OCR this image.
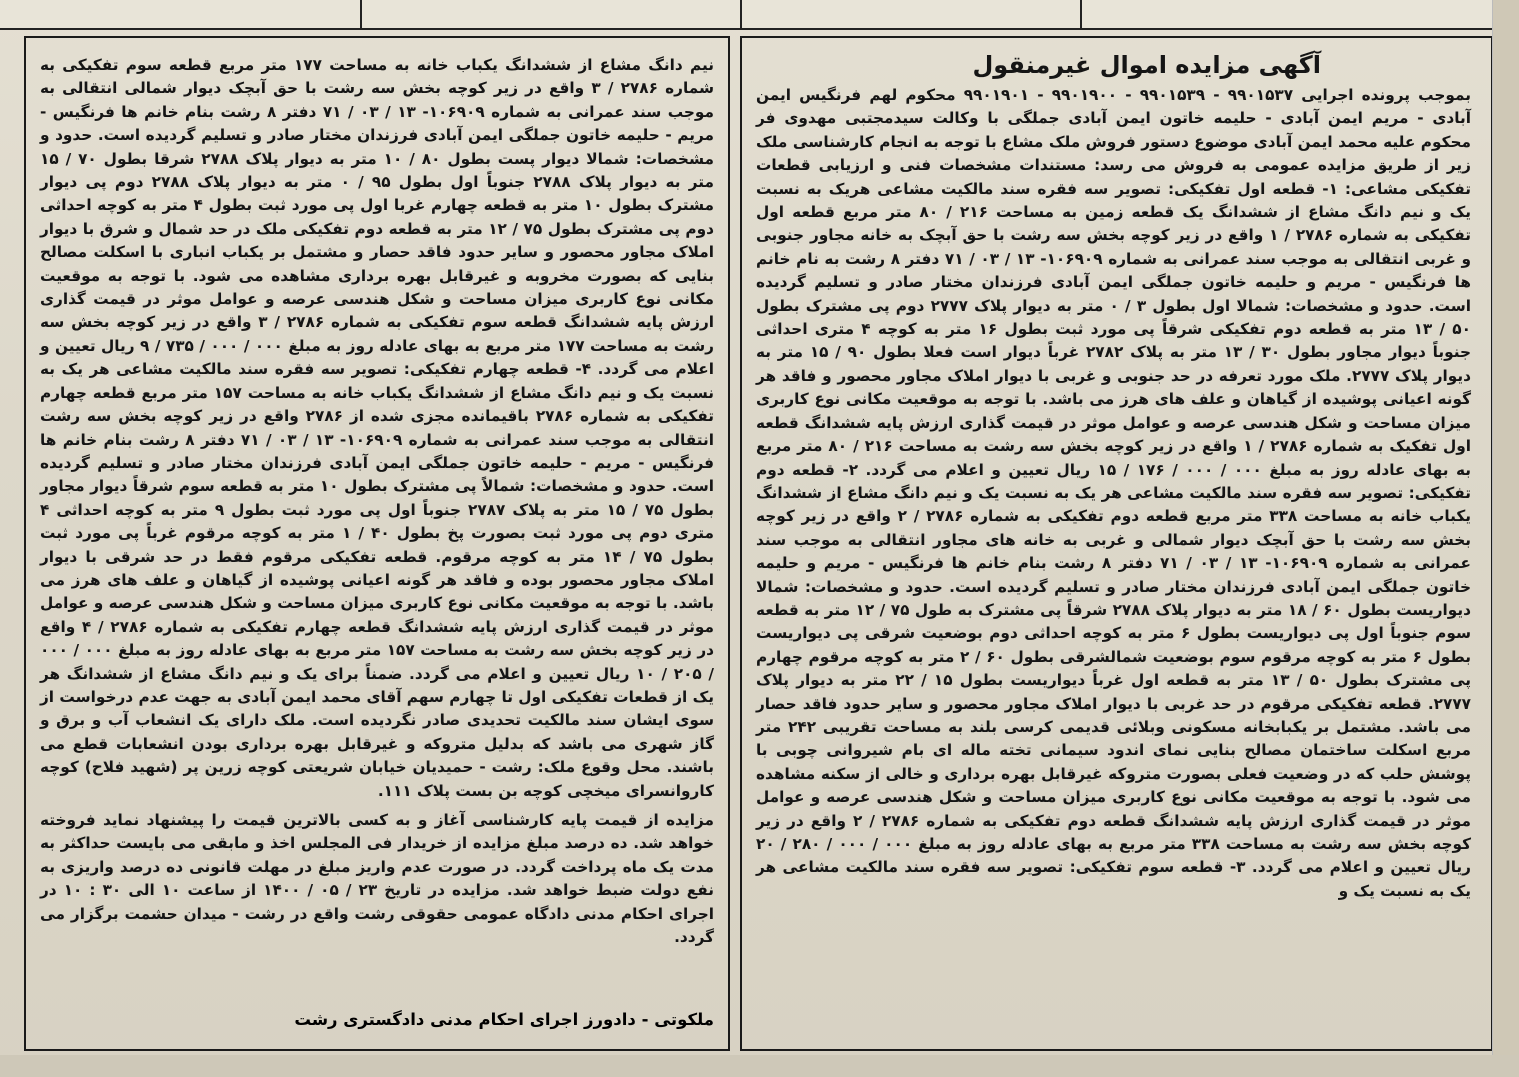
آگهی مزایده اموال غیرمنقول

بموجب پرونده اجرایی ۹۹۰۱۵۳۷ - ۹۹۰۱۵۳۹ - ۹۹۰۱۹۰۰ - ۹۹۰۱۹۰۱ محکوم لهم فرنگیس ایمن آبادی - مریم ایمن آبادی - حلیمه خاتون ایمن آبادی جملگی با وکالت سیدمجتبی مهدوی فر محکوم علیه محمد ایمن آبادی موضوع دستور فروش ملک مشاع با توجه به انجام کارشناسی ملک زیر از طریق مزایده عمومی به فروش می رسد: مستندات مشخصات فنی و ارزیابی قطعات تفکیکی مشاعی: ۱- قطعه اول تفکیکی: تصویر سه فقره سند مالکیت مشاعی هریک به نسبت یک و نیم دانگ مشاع از ششدانگ یک قطعه زمین به مساحت ۲۱۶ / ۸۰ متر مربع قطعه اول تفکیکی به شماره ۲۷۸۶ / ۱ واقع در زیر کوچه بخش سه رشت با حق آبچک به خانه مجاور جنوبی و غربی انتقالی به موجب سند عمرانی به شماره ۱۰۶۹۰۹- ۱۳ / ۰۳ / ۷۱ دفتر ۸ رشت به نام خانم ها فرنگیس - مریم و حلیمه خاتون جملگی ایمن آبادی فرزندان مختار صادر و تسلیم گردیده است. حدود و مشخصات: شمالا اول بطول ۳ / ۰ متر به دیوار پلاک ۲۷۷۷ دوم پی مشترک بطول ۵۰ / ۱۳ متر به قطعه دوم تفکیکی شرقاً پی مورد ثبت بطول ۱۶ متر به کوچه ۴ متری احداثی جنوباً دیوار مجاور بطول ۳۰ / ۱۳ متر به پلاک ۲۷۸۲ غرباً دیوار است فعلا بطول ۹۰ / ۱۵ متر به دیوار پلاک ۲۷۷۷. ملک مورد تعرفه در حد جنوبی و غربی با دیوار املاک مجاور محصور و فاقد هر گونه اعیانی پوشیده از گیاهان و علف های هرز می باشد. با توجه به موقعیت مکانی نوع کاربری میزان مساحت و شکل هندسی عرصه و عوامل موثر در قیمت گذاری ارزش پایه ششدانگ قطعه اول تفکیک به شماره ۲۷۸۶ / ۱ واقع در زیر کوچه بخش سه رشت به مساحت ۲۱۶ / ۸۰ متر مربع به بهای عادله روز به مبلغ ۰۰۰ / ۰۰۰ / ۱۷۶ / ۱۵ ریال تعیین و اعلام می گردد. ۲- قطعه دوم تفکیکی: تصویر سه فقره سند مالکیت مشاعی هر یک به نسبت یک و نیم دانگ مشاع از ششدانگ یکباب خانه به مساحت ۳۳۸ متر مربع قطعه دوم تفکیکی به شماره ۲۷۸۶ / ۲ واقع در زیر کوچه بخش سه رشت با حق آبچک دیوار شمالی و غربی به خانه های مجاور انتقالی به موجب سند عمرانی به شماره ۱۰۶۹۰۹- ۱۳ / ۰۳ / ۷۱ دفتر ۸ رشت بنام خانم ها فرنگیس - مریم و حلیمه خاتون جملگی ایمن آبادی فرزندان مختار صادر و تسلیم گردیده است. حدود و مشخصات: شمالا دیواریست بطول ۶۰ / ۱۸ متر به دیوار پلاک ۲۷۸۸ شرقاً پی مشترک به طول ۷۵ / ۱۲ متر به قطعه سوم جنوباً اول پی دیواریست بطول ۶ متر به کوچه احداثی دوم بوضعیت شرقی پی دیواریست بطول ۶ متر به کوچه مرقوم سوم بوضعیت شمالشرقی بطول ۶۰ / ۲ متر به کوچه مرقوم چهارم پی مشترک بطول ۵۰ / ۱۳ متر به قطعه اول غرباً دیواریست بطول ۱۵ / ۲۲ متر به دیوار پلاک ۲۷۷۷. قطعه تفکیکی مرقوم در حد غربی با دیوار املاک مجاور محصور و سایر حدود فاقد حصار می باشد. مشتمل بر یکبابخانه مسکونی وبلائی قدیمی کرسی بلند به مساحت تقریبی ۲۴۲ متر مربع اسکلت ساختمان مصالح بنایی نمای اندود سیمانی تخته ماله ای بام شیروانی چوبی با پوشش حلب که در وضعیت فعلی بصورت متروکه غیرقابل بهره برداری و خالی از سکنه مشاهده می شود. با توجه به موقعیت مکانی نوع کاربری میزان مساحت و شکل هندسی عرصه و عوامل موثر در قیمت گذاری ارزش پایه ششدانگ قطعه دوم تفکیکی به شماره ۲۷۸۶ / ۲ واقع در زیر کوچه بخش سه رشت به مساحت ۳۳۸ متر مربع به بهای عادله روز به مبلغ ۰۰۰ / ۰۰۰ / ۲۸۰ / ۲۰ ریال تعیین و اعلام می گردد. ۳- قطعه سوم تفکیکی: تصویر سه فقره سند مالکیت مشاعی هر یک به نسبت یک و

نیم دانگ مشاع از ششدانگ یکباب خانه به مساحت ۱۷۷ متر مربع قطعه سوم تفکیکی به شماره ۲۷۸۶ / ۳ واقع در زیر کوچه بخش سه رشت با حق آبچک دیوار شمالی انتقالی به موجب سند عمرانی به شماره ۱۰۶۹۰۹- ۱۳ / ۰۳ / ۷۱ دفتر ۸ رشت بنام خانم ها فرنگیس - مریم - حلیمه خاتون جملگی ایمن آبادی فرزندان مختار صادر و تسلیم گردیده است. حدود و مشخصات: شمالا دیوار پست بطول ۸۰ / ۱۰ متر به دیوار پلاک ۲۷۸۸ شرقا بطول ۷۰ / ۱۵ متر به دیوار پلاک ۲۷۸۸ جنوباً اول بطول ۹۵ / ۰ متر به دیوار پلاک ۲۷۸۸ دوم پی دیوار مشترک بطول ۱۰ متر به قطعه چهارم غربا اول پی مورد ثبت بطول ۴ متر به کوچه احداثی دوم پی مشترک بطول ۷۵ / ۱۲ متر به قطعه دوم تفکیکی ملک در حد شمال و شرق با دیوار املاک مجاور محصور و سایر حدود فاقد حصار و مشتمل بر یکباب انباری با اسکلت مصالح بنایی که بصورت مخروبه و غیرقابل بهره برداری مشاهده می شود. با توجه به موقعیت مکانی نوع کاربری میزان مساحت و شکل هندسی عرصه و عوامل موثر در قیمت گذاری ارزش پایه ششدانگ قطعه سوم تفکیکی به شماره ۲۷۸۶ / ۳ واقع در زیر کوچه بخش سه رشت به مساحت ۱۷۷ متر مربع به بهای عادله روز به مبلغ ۰۰۰ / ۰۰۰ / ۷۳۵ / ۹ ریال تعیین و اعلام می گردد. ۴- قطعه چهارم تفکیکی: تصویر سه فقره سند مالکیت مشاعی هر یک به نسبت یک و نیم دانگ مشاع از ششدانگ یکباب خانه به مساحت ۱۵۷ متر مربع قطعه چهارم تفکیکی به شماره ۲۷۸۶ باقیمانده مجزی شده از ۲۷۸۶ واقع در زیر کوچه بخش سه رشت انتقالی به موجب سند عمرانی به شماره ۱۰۶۹۰۹- ۱۳ / ۰۳ / ۷۱ دفتر ۸ رشت بنام خانم ها فرنگیس - مریم - حلیمه خاتون جملگی ایمن آبادی فرزندان مختار صادر و تسلیم گردیده است. حدود و مشخصات: شمالاً پی مشترک بطول ۱۰ متر به قطعه سوم شرقاً دیوار مجاور بطول ۷۵ / ۱۵ متر به پلاک ۲۷۸۷ جنوباً اول پی مورد ثبت بطول ۹ متر به کوچه احداثی ۴ متری دوم پی مورد ثبت بصورت پخ بطول ۴۰ / ۱ متر به کوچه مرقوم غرباً پی مورد ثبت بطول ۷۵ / ۱۴ متر به کوچه مرقوم. قطعه تفکیکی مرقوم فقط در حد شرقی با دیوار املاک مجاور محصور بوده و فاقد هر گونه اعیانی پوشیده از گیاهان و علف های هرز می باشد. با توجه به موقعیت مکانی نوع کاربری میزان مساحت و شکل هندسی عرصه و عوامل موثر در قیمت گذاری ارزش پایه ششدانگ قطعه چهارم تفکیکی به شماره ۲۷۸۶ / ۴ واقع در زیر کوچه بخش سه رشت به مساحت ۱۵۷ متر مربع به بهای عادله روز به مبلغ ۰۰۰ / ۰۰۰ / ۲۰۵ / ۱۰ ریال تعیین و اعلام می گردد. ضمناً برای یک و نیم دانگ مشاع از ششدانگ هر یک از قطعات تفکیکی اول تا چهارم سهم آقای محمد ایمن آبادی به جهت عدم درخواست از سوی ایشان سند مالکیت تحدیدی صادر نگردیده است. ملک دارای یک انشعاب آب و برق و گاز شهری می باشد که بدلیل متروکه و غیرقابل بهره برداری بودن انشعابات قطع می باشند. محل وقوع ملک: رشت - حمیدیان خیابان شریعتی کوچه زرین پر (شهید فلاح) کوچه کاروانسرای میخچی کوچه بن بست پلاک ۱۱۱.

مزایده از قیمت پایه کارشناسی آغاز و به کسی بالاترین قیمت را پیشنهاد نماید فروخته خواهد شد. ده درصد مبلغ مزایده از خریدار فی المجلس اخذ و مابقی می بایست حداکثر به مدت یک ماه پرداخت گردد. در صورت عدم واریز مبلغ در مهلت قانونی ده درصد واریزی به نفع دولت ضبط خواهد شد. مزایده در تاریخ ۲۳ / ۰۵ / ۱۴۰۰ از ساعت ۱۰ الی ۳۰ : ۱۰ در اجرای احکام مدنی دادگاه عمومی حقوقی رشت واقع در رشت - میدان حشمت برگزار می گردد.

ملکوتی - دادورز اجرای احکام مدنی دادگستری رشت
